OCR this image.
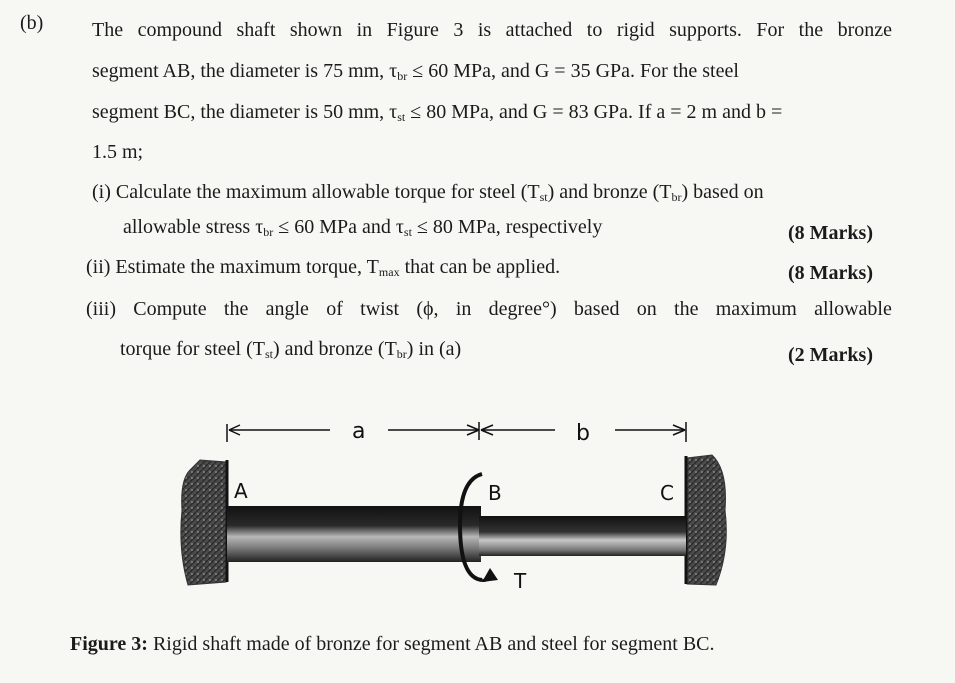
(b) The compound shaft shown in Figure 3 is attached to rigid supports. For the bronze
segment AB, the diameter is 75 mm, $\tau_{br} \le 60$ MPa, and G = 35 GPa. For the steel
segment BC, the diameter is 50 mm, $\tau_{st} \le 80$ MPa, and G = 83 GPa. If a = 2 m and b =
1.5 m;
(i) Calculate the maximum allowable torque for steel $(T_{st})$ and bronze $(T_{br})$ based on
allowable stress $\tau_{br} \le 60$ MPa and $\tau_{st} \le 80$ MPa, respectively	(8 Marks)
(ii) Estimate the maximum torque, $T_{max}$ that can be applied.	(8 Marks)
(iii) Compute the angle of twist (ϕ, in degree°) based on the maximum allowable
torque for steel $(T_{st})$ and bronze $(T_{br})$ in (a)	(2 Marks)
a	b
A	B	C
T
Figure 3: Rigid shaft made of bronze for segment AB and steel for segment BC.
